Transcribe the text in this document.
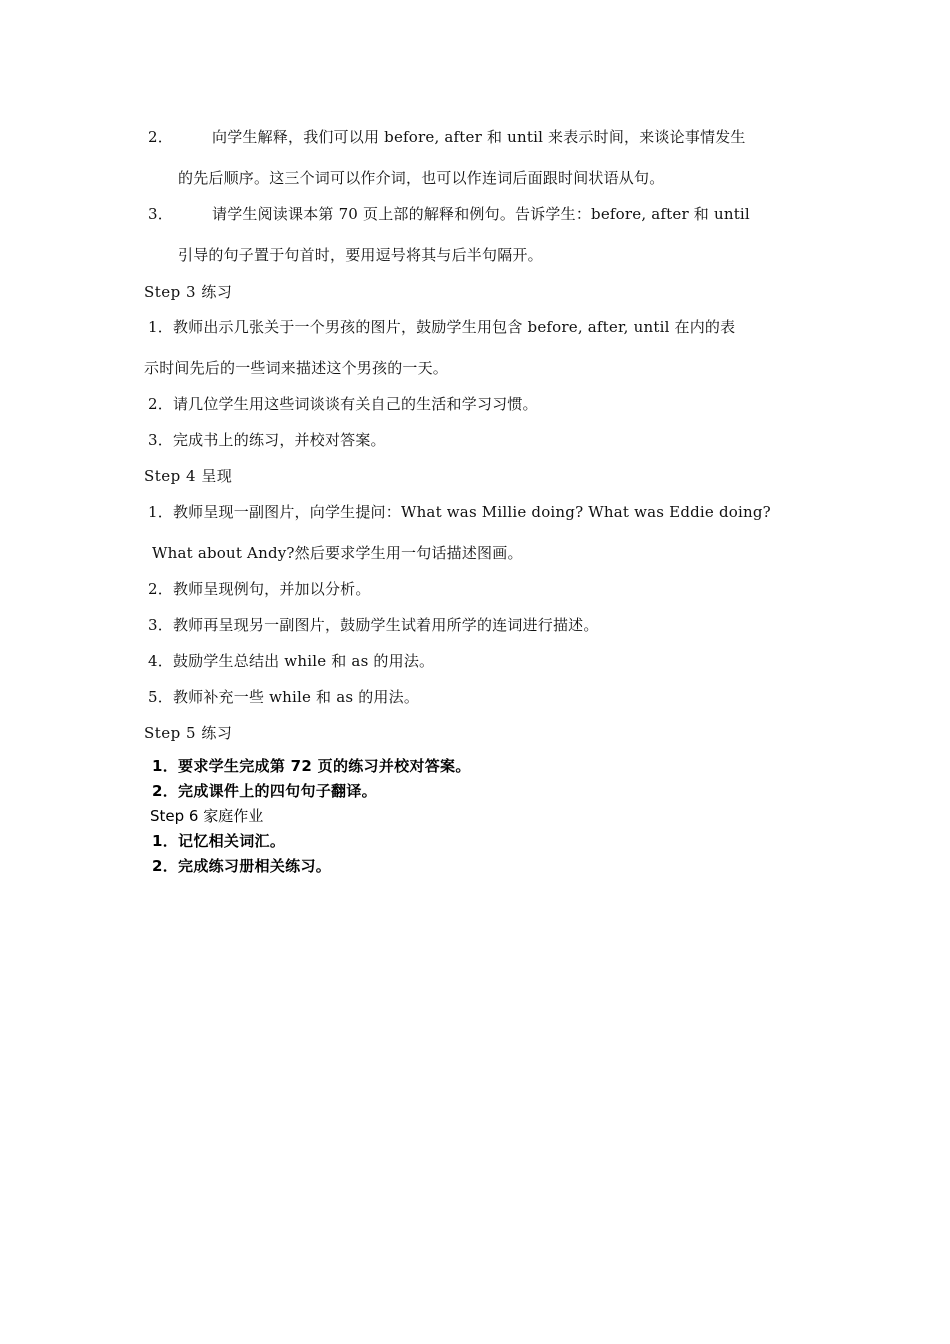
2．	向学生解释，我们可以用 before, after 和 until 来表示时间，来谈论事情发生
的先后顺序。这三个词可以作介词，也可以作连词后面跟时间状语从句。
3．	请学生阅读课本第 70 页上部的解释和例句。告诉学生：before, after 和 until
引导的句子置于句首时，要用逗号将其与后半句隔开。
Step 3 练习
1．教师出示几张关于一个男孩的图片，鼓励学生用包含 before, after, until 在内的表
示时间先后的一些词来描述这个男孩的一天。
2．请几位学生用这些词谈谈有关自己的生活和学习习惯。
3．完成书上的练习，并校对答案。
Step 4 呈现
1．教师呈现一副图片，向学生提问：What was Millie doing? What was Eddie doing?
What about Andy?然后要求学生用一句话描述图画。
2．教师呈现例句，并加以分析。
3．教师再呈现另一副图片，鼓励学生试着用所学的连词进行描述。
4．鼓励学生总结出 while 和 as 的用法。
5．教师补充一些 while 和 as 的用法。
Step 5 练习
1．要求学生完成第 72 页的练习并校对答案。
2．完成课件上的四句句子翻译。
Step 6 家庭作业
1．记忆相关词汇。
2．完成练习册相关练习。
